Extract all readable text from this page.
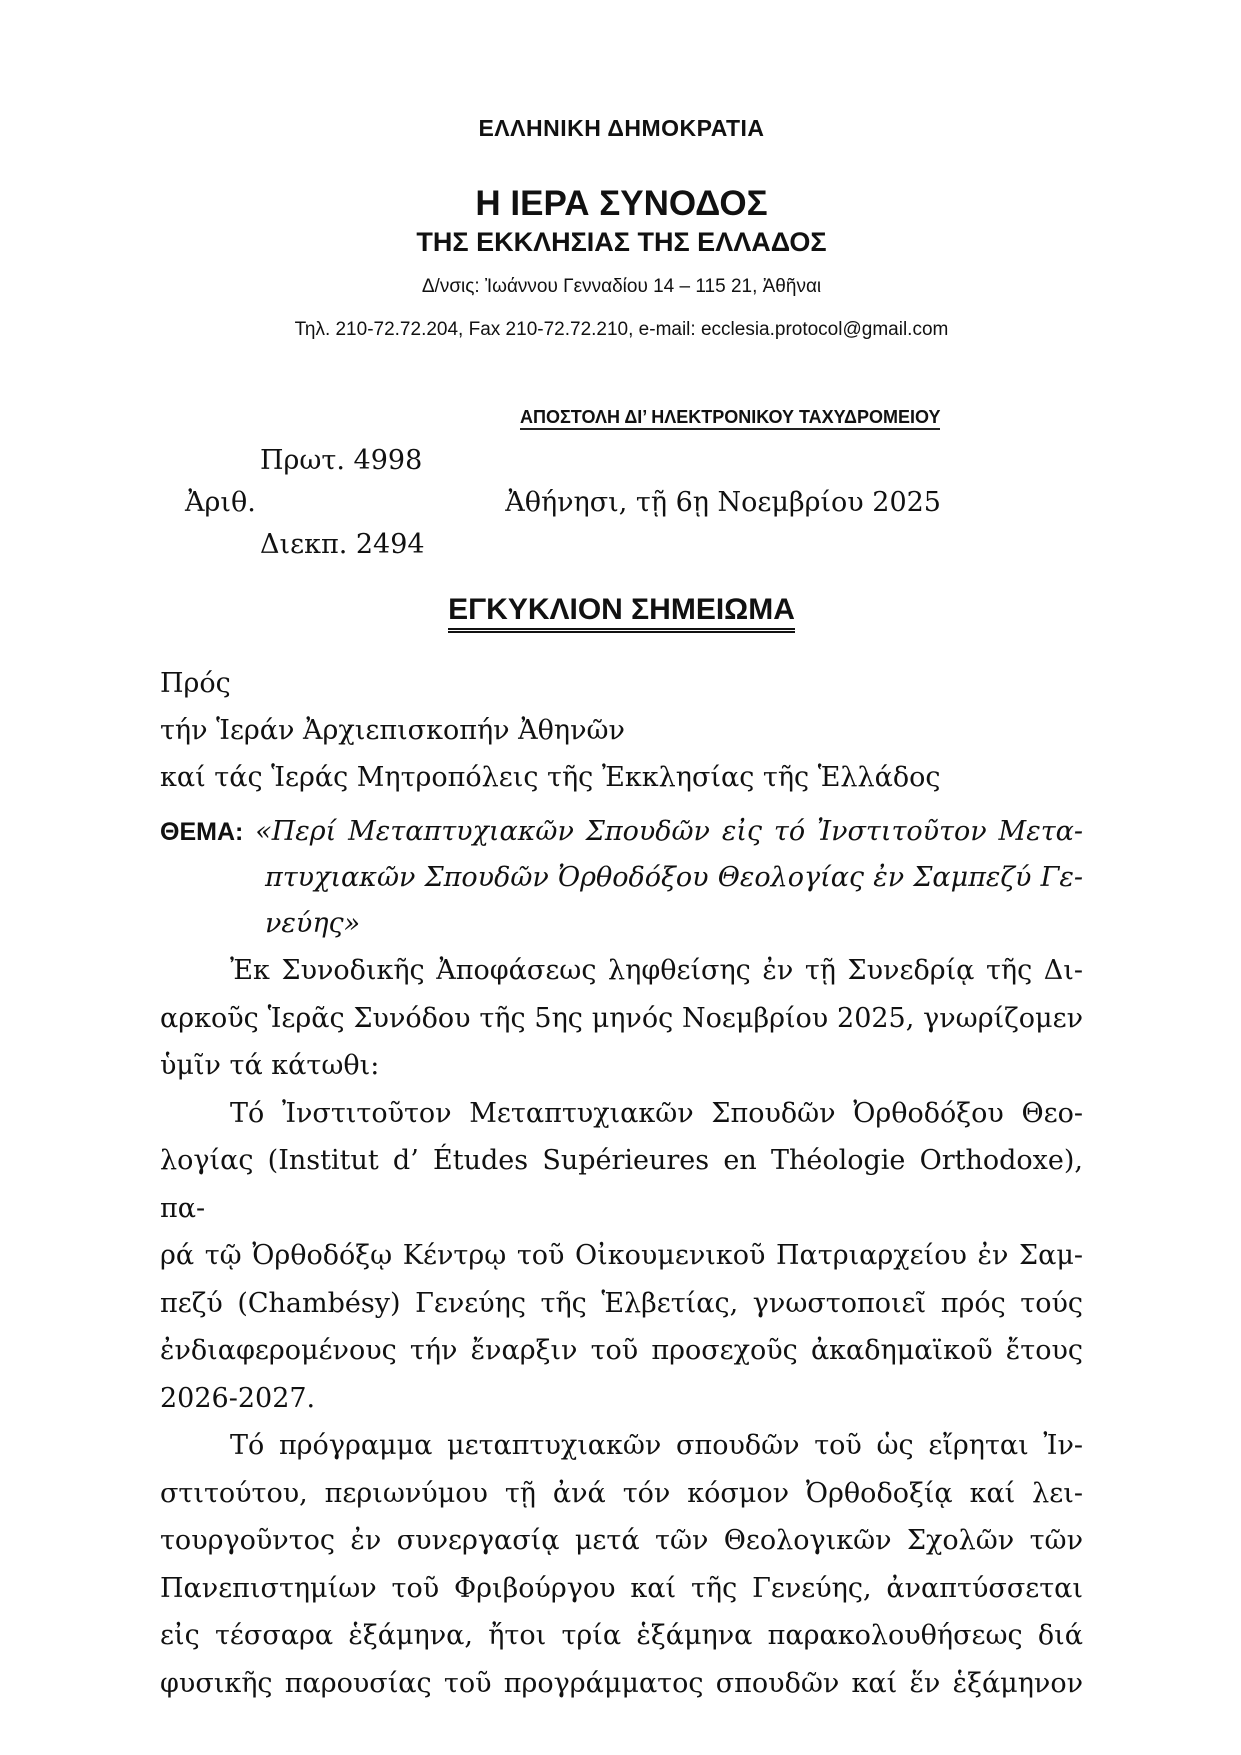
ΕΛΛΗΝΙΚΗ ΔΗΜΟΚΡΑΤΙΑ
Η ΙΕΡΑ ΣΥΝΟΔΟΣ
ΤΗΣ ΕΚΚΛΗΣΙΑΣ ΤΗΣ ΕΛΛΑΔΟΣ
Δ/νσις: Ἰωάννου Γενναδίου 14 – 115 21, Ἀθῆναι
Τηλ. 210-72.72.204, Fax 210-72.72.210, e-mail: ecclesia.protocol@gmail.com
ΑΠΟΣΤΟΛΗ ΔΙ’ ΗΛΕΚΤΡΟΝΙΚΟΥ ΤΑΧΥΔΡΟΜΕΙΟΥ
Πρωτ. 4998
Ἀριθ.	Ἀθήνησι, τῇ 6ῃ Νοεμβρίου 2025
Διεκπ. 2494
ΕΓΚΥΚΛΙΟΝ ΣΗΜΕΙΩΜΑ
Πρός
τήν Ἱεράν Ἀρχιεπισκοπήν Ἀθηνῶν
καί τάς Ἱεράς Μητροπόλεις τῆς Ἐκκλησίας τῆς Ἑλλάδος
ΘΕΜΑ: «Περί Μεταπτυχιακῶν Σπουδῶν εἰς τό Ἰνστιτοῦτον Μετα-
πτυχιακῶν Σπουδῶν Ὀρθοδόξου Θεολογίας ἐν Σαμπεζύ Γε-
νεύης»
Ἐκ Συνοδικῆς Ἀποφάσεως ληφθείσης ἐν τῇ Συνεδρίᾳ τῆς Δι-
αρκοῦς Ἱερᾶς Συνόδου τῆς 5ης μηνός Νοεμβρίου 2025, γνωρίζομεν
ὑμῖν τά κάτωθι:
Τό Ἰνστιτοῦτον Μεταπτυχιακῶν Σπουδῶν Ὀρθοδόξου Θεο-
λογίας (Institut d’ Études Supérieures en Théologie Orthodoxe), πα-
ρά τῷ Ὀρθοδόξῳ Κέντρῳ τοῦ Οἰκουμενικοῦ Πατριαρχείου ἐν Σαμ-
πεζύ (Chambésy) Γενεύης τῆς Ἑλβετίας, γνωστοποιεῖ πρός τούς
ἐνδιαφερομένους τήν ἔναρξιν τοῦ προσεχοῦς ἀκαδημαϊκοῦ ἔτους
2026-2027.
Τό πρόγραμμα μεταπτυχιακῶν σπουδῶν τοῦ ὡς εἴρηται Ἰν-
στιτούτου, περιωνύμου τῇ ἀνά τόν κόσμον Ὀρθοδοξίᾳ καί λει-
τουργοῦντος ἐν συνεργασίᾳ μετά τῶν Θεολογικῶν Σχολῶν τῶν
Πανεπιστημίων τοῦ Φριβούργου καί τῆς Γενεύης, ἀναπτύσσεται
εἰς τέσσαρα ἑξάμηνα, ἤτοι τρία ἑξάμηνα παρακολουθήσεως διά
φυσικῆς παρουσίας τοῦ προγράμματος σπουδῶν καί ἕν ἑξάμηνον
